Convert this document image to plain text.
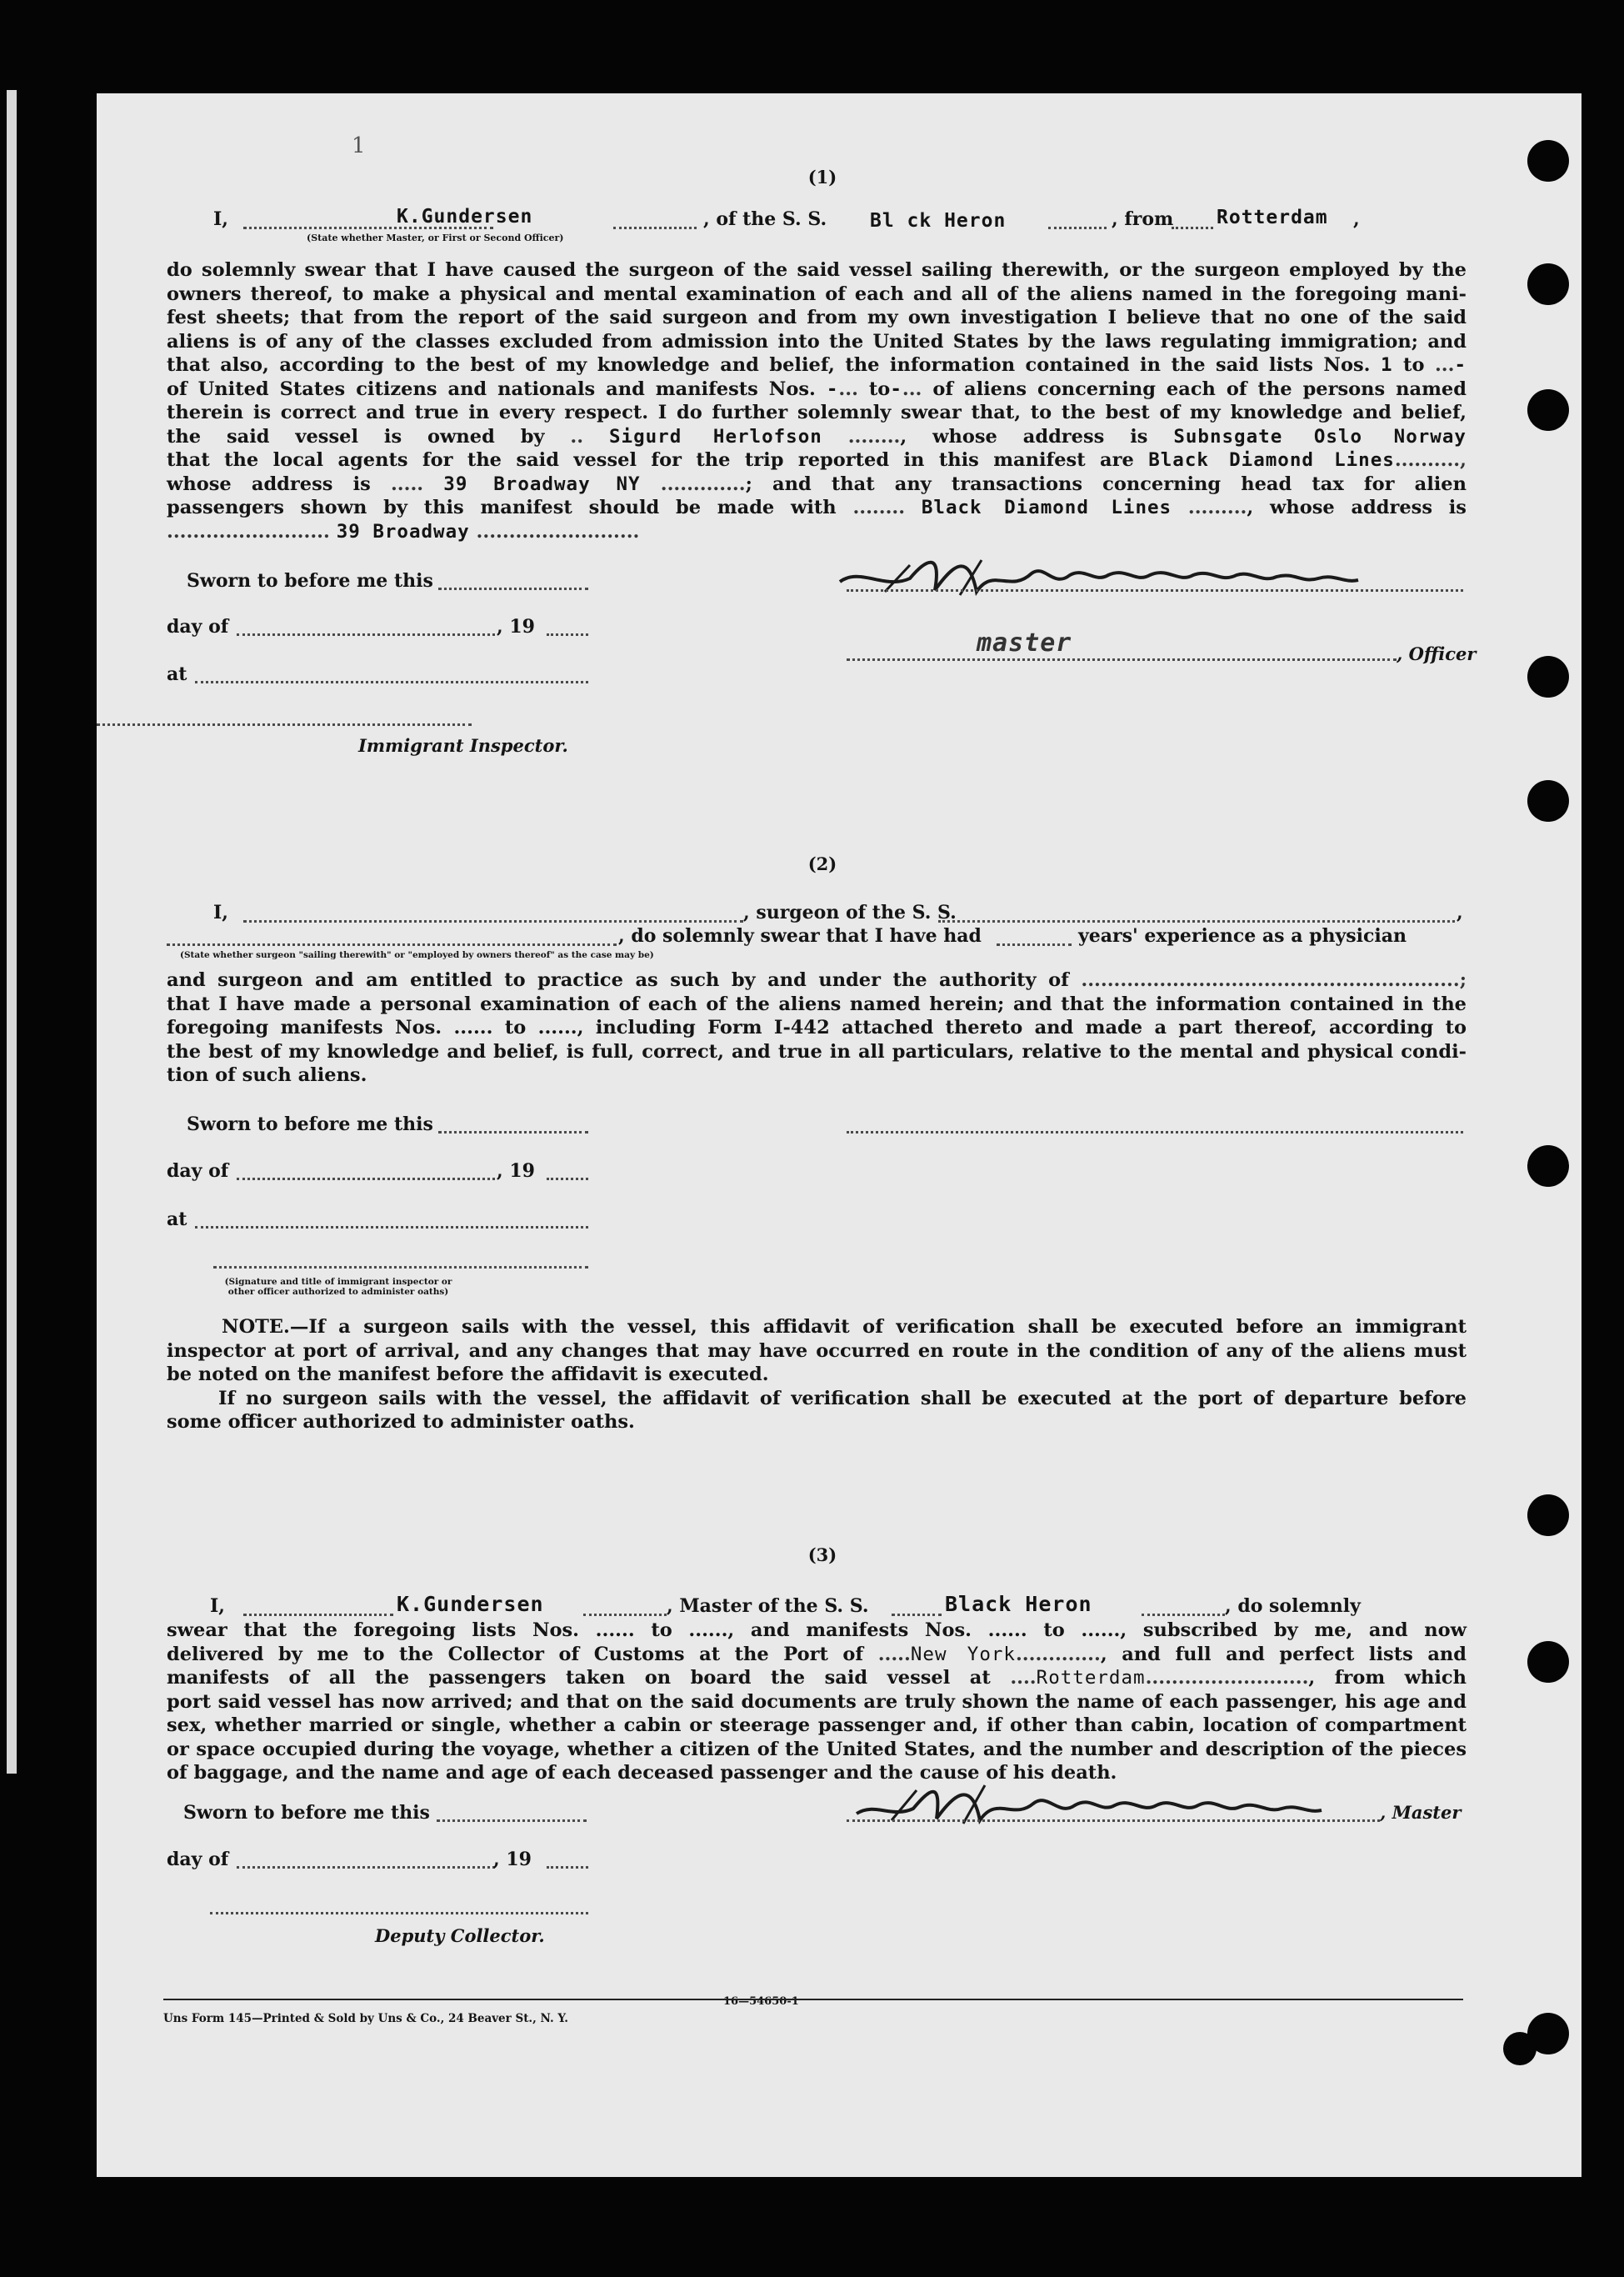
1
(1)
I,	K.Gundersen	, of the S. S. Bl ck Heron	, from Rotterdam ,
(State whether Master, or First or Second Officer)
do solemnly swear that I have caused the surgeon of the said vessel sailing therewith, or the surgeon employed by the
owners thereof, to make a physical and mental examination of each and all of the aliens named in the foregoing mani-
fest sheets; that from the report of the said surgeon and from my own investigation I believe that no one of the said
aliens is of any of the classes excluded from admission into the United States by the laws regulating immigration; and
that also, according to the best of my knowledge and belief, the information contained in the said lists Nos. 1 to ...-
of United States citizens and nationals and manifests Nos. -... to-... of aliens concerning each of the persons named
therein is correct and true in every respect. I do further solemnly swear that, to the best of my knowledge and belief,
the said vessel is owned by .. Sigurd Herlofson ........, whose address is Subnsgate Oslo Norway
that the local agents for the said vessel for the trip reported in this manifest are Black Diamond Lines..........,
whose address is ..... 39 Broadway NY .............; and that any transactions concerning head tax for alien
passengers shown by this manifest should be made with ........ Black Diamond Lines ........., whose address is
......................... 39 Broadway .........................
Sworn to before me this
day of	, 19
at
Immigrant Inspector.
master	, Officer
(2)
I,	, surgeon of the S. S.	,
, do solemnly swear that I have had	years' experience as a physician
(State whether surgeon "sailing therewith" or "employed by owners thereof" as the case may be)
and surgeon and am entitled to practice as such by and under the authority of ..........................................................;
that I have made a personal examination of each of the aliens named herein; and that the information contained in the
foregoing manifests Nos. ...... to ......, including Form I-442 attached thereto and made a part thereof, according to
the best of my knowledge and belief, is full, correct, and true in all particulars, relative to the mental and physical condi-
tion of such aliens.
Sworn to before me this
day of	, 19
at
(Signature and title of immigrant inspector or other officer authorized to administer oaths)
NOTE.—If a surgeon sails with the vessel, this affidavit of verification shall be executed before an immigrant
inspector at port of arrival, and any changes that may have occurred en route in the condition of any of the aliens must
be noted on the manifest before the affidavit is executed.
If no surgeon sails with the vessel, the affidavit of verification shall be executed at the port of departure before
some officer authorized to administer oaths.
(3)
I,	K.Gundersen	, Master of the S. S.	Black Heron	, do solemnly
swear that the foregoing lists Nos. ...... to ......, and manifests Nos. ...... to ......, subscribed by me, and now
delivered by me to the Collector of Customs at the Port of .....New York............., and full and perfect lists and
manifests of all the passengers taken on board the said vessel at ....Rotterdam........................., from which
port said vessel has now arrived; and that on the said documents are truly shown the name of each passenger, his age and
sex, whether married or single, whether a cabin or steerage passenger and, if other than cabin, location of compartment
or space occupied during the voyage, whether a citizen of the United States, and the number and description of the pieces
of baggage, and the name and age of each deceased passenger and the cause of his death.
Sworn to before me this	, Master
day of	, 19
Deputy Collector.
16—54650-1
Uns Form 145—Printed & Sold by Uns & Co., 24 Beaver St., N. Y.
